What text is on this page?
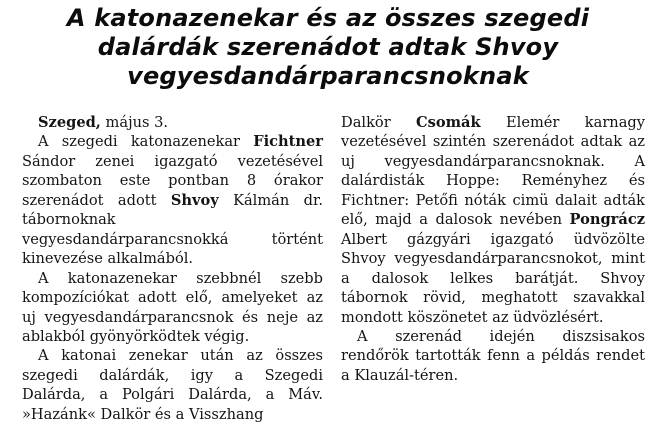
A katonazenekar és az összes szegedi
dalárdák szerenádot adtak Shvoy
vegyesdandárparancsnoknak

Szeged, május 3.

A szegedi katonazenekar Fichtner Sándor zenei igazgató vezetésével szombaton este pontban 8 órakor szerenádot adott Shvoy Kálmán dr. tábornoknak vegyesdandárparancsnokká történt kinevezése alkalmából.

A katonazenekar szebbnél szebb kompozíciókat adott elő, amelyeket az uj vegyesdandárparancsnok és neje az ablakból gyönyörködtek végig.

A katonai zenekar után az összes szegedi dalárdák, igy a Szegedi Dalárda, a Polgári Dalárda, a Máv. »Hazánk« Dalkör és a Visszhang

Dalkör Csomák Elemér karnagy vezetésével szintén szerenádot adtak az uj vegyesdandárparancsnoknak. A dalárdisták Hoppe: Reményhez és Fichtner: Petőfi nóták cimü dalait adták elő, majd a dalosok nevében Pongrácz Albert gázgyári igazgató üdvözölte Shvoy vegyesdandárparancsnokot, mint a dalosok lelkes barátját. Shvoy tábornok rövid, meghatott szavakkal mondott köszönetet az üdvözlésért.

A szerenád idején diszsisakos rendőrök tartották fenn a példás rendet a Klauzál-téren.
